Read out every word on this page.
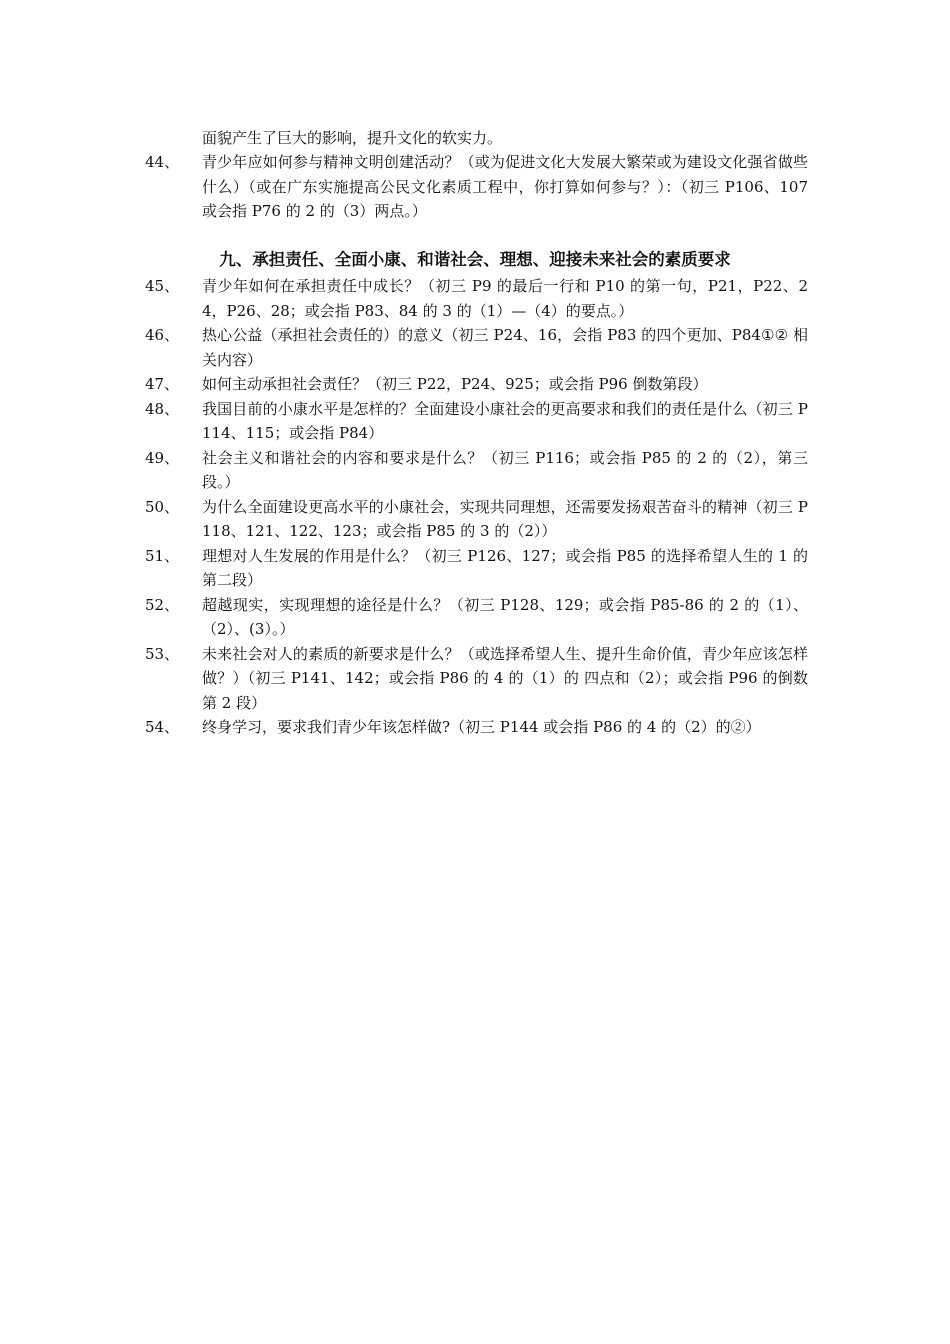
面貌产生了巨大的影响，提升文化的软实力。
44、 青少年应如何参与精神文明创建活动？（或为促进文化大发展大繁荣或为建设文化强省做些什么）（或在广东实施提高公民文化素质工程中，你打算如何参与？）：（初三 P106、107 或会指 P76 的 2 的（3）两点。）
九、承担责任、全面小康、和谐社会、理想、迎接未来社会的素质要求
45、 青少年如何在承担责任中成长？（初三 P9 的最后一行和 P10 的第一句，P21，P22、24，P26、28；或会指 P83、84 的 3 的（1）—（4）的要点。）
46、 热心公益（承担社会责任的）的意义（初三 P24、16，会指 P83 的四个更加、P84①② 相关内容）
47、 如何主动承担社会责任？（初三 P22，P24、925；或会指 P96 倒数第段）
48、 我国目前的小康水平是怎样的？全面建设小康社会的更高要求和我们的责任是什么（初三 P114、115；或会指 P84）
49、 社会主义和谐社会的内容和要求是什么？（初三 P116；或会指 P85 的 2 的（2），第三段。）
50、 为什么全面建设更高水平的小康社会，实现共同理想，还需要发扬艰苦奋斗的精神（初三 P118、121、122、123；或会指 P85 的 3 的（2））
51、 理想对人生发展的作用是什么？（初三 P126、127；或会指 P85 的选择希望人生的 1 的第二段）
52、 超越现实，实现理想的途径是什么？（初三 P128、129；或会指 P85-86 的 2 的（1）、（2）、(3）。）
53、 未来社会对人的素质的新要求是什么？（或选择希望人生、提升生命价值，青少年应该怎样做？）（初三 P141、142；或会指 P86 的 4 的（1）的 四点和（2）；或会指 P96 的倒数第 2 段）
54、 终身学习，要求我们青少年该怎样做?（初三 P144 或会指 P86 的 4 的（2）的②）
